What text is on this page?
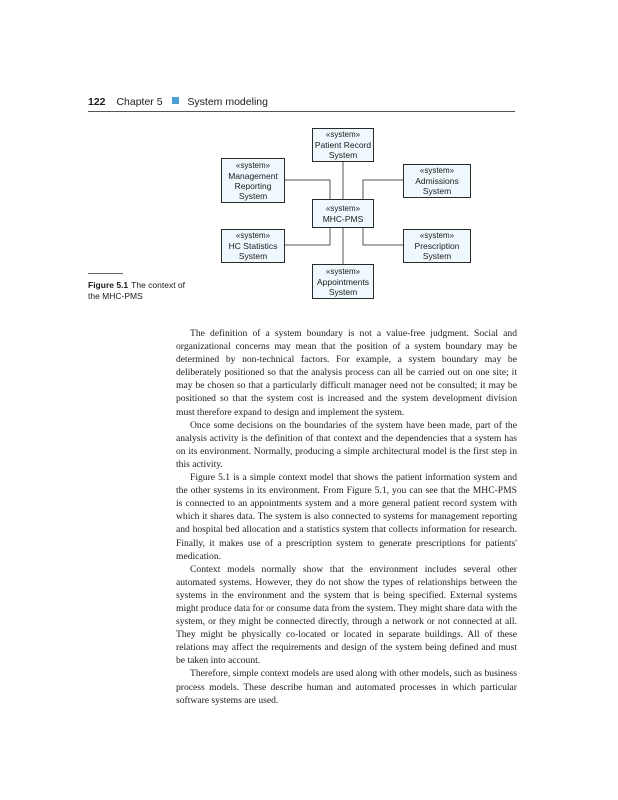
122 Chapter 5 System modeling
«system»
Patient Record
System
«system»
Management
Reporting
System
«system»
Admissions
System
«system»
MHC-PMS
«system»
HC Statistics
System
«system»
Prescription
System
«system»
Appointments
System
Figure 5.1 The context of the MHC-PMS

The definition of a system boundary is not a value-free judgment. Social and organizational concerns may mean that the position of a system boundary may be determined by non-technical factors. For example, a system boundary may be deliberately positioned so that the analysis process can all be carried out on one site; it may be chosen so that a particularly difficult manager need not be consulted; it may be positioned so that the system cost is increased and the system development division must therefore expand to design and implement the system.

Once some decisions on the boundaries of the system have been made, part of the analysis activity is the definition of that context and the dependencies that a system has on its environment. Normally, producing a simple architectural model is the first step in this activity.

Figure 5.1 is a simple context model that shows the patient information system and the other systems in its environment. From Figure 5.1, you can see that the MHC-PMS is connected to an appointments system and a more general patient record system with which it shares data. The system is also connected to systems for management reporting and hospital bed allocation and a statistics system that collects information for research. Finally, it makes use of a prescription system to generate prescriptions for patients' medication.

Context models normally show that the environment includes several other automated systems. However, they do not show the types of relationships between the systems in the environment and the system that is being specified. External systems might produce data for or consume data from the system. They might share data with the system, or they might be connected directly, through a network or not connected at all. They might be physically co-located or located in separate buildings. All of these relations may affect the requirements and design of the system being defined and must be taken into account.

Therefore, simple context models are used along with other models, such as business process models. These describe human and automated processes in which particular software systems are used.
